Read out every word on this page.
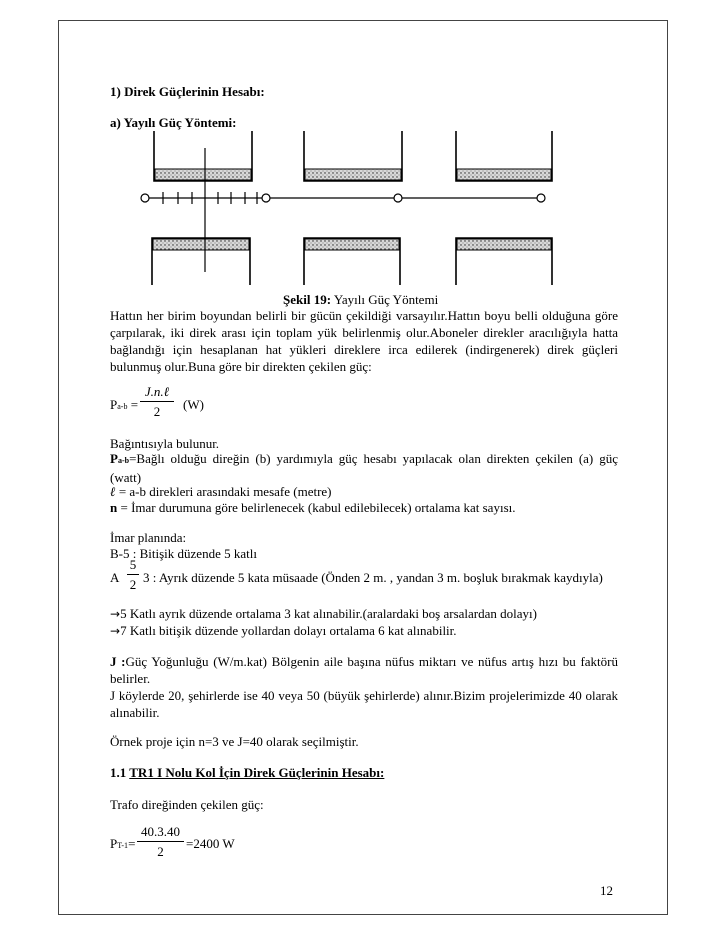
1) Direk Güçlerinin Hesabı:
a) Yayılı Güç Yöntemi:
Şekil 19: Yayılı Güç Yöntemi
Hattın her birim boyundan belirli bir gücün çekildiği varsayılır.Hattın boyu belli olduğuna göre çarpılarak, iki direk arası için toplam yük belirlenmiş olur.Aboneler direkler aracılığıyla hatta bağlandığı için hesaplanan hat yükleri direklere irca edilerek (indirgenerek) direk güçleri bulunmuş olur.Buna göre bir direkten çekilen güç:
Pa-b =
J.n.ℓ
2	(W)
Bağıntısıyla bulunur.
Pa-b=Bağlı olduğu direğin (b) yardımıyla güç hesabı yapılacak olan direkten çekilen (a) güç (watt)
ℓ = a-b direkleri arasındaki mesafe (metre)
n = İmar durumuna göre belirlenecek (kabul edilebilecek) ortalama kat sayısı.
İmar planında:
B-5 : Bitişik düzende 5 katlı
A
5
2 3 : Ayrık düzende 5 kata müsaade (Önden 2 m. , yandan 3 m. boşluk bırakmak kaydıyla)
→5 Katlı ayrık düzende ortalama 3 kat alınabilir.(aralardaki boş arsalardan dolayı)
→7 Katlı bitişik düzende yollardan dolayı ortalama 6 kat alınabilir.
J :Güç Yoğunluğu (W/m.kat) Bölgenin aile başına nüfus miktarı ve nüfus artış hızı bu faktörü belirler.
J köylerde 20, şehirlerde ise 40 veya 50 (büyük şehirlerde) alınır.Bizim projelerimizde 40 olarak alınabilir.
Örnek proje için n=3 ve J=40 olarak seçilmiştir.
1.1 TR1 I Nolu Kol İçin Direk Güçlerinin Hesabı:
Trafo direğinden çekilen güç:
PT-1=
40.3.40
2
=2400 W
12
